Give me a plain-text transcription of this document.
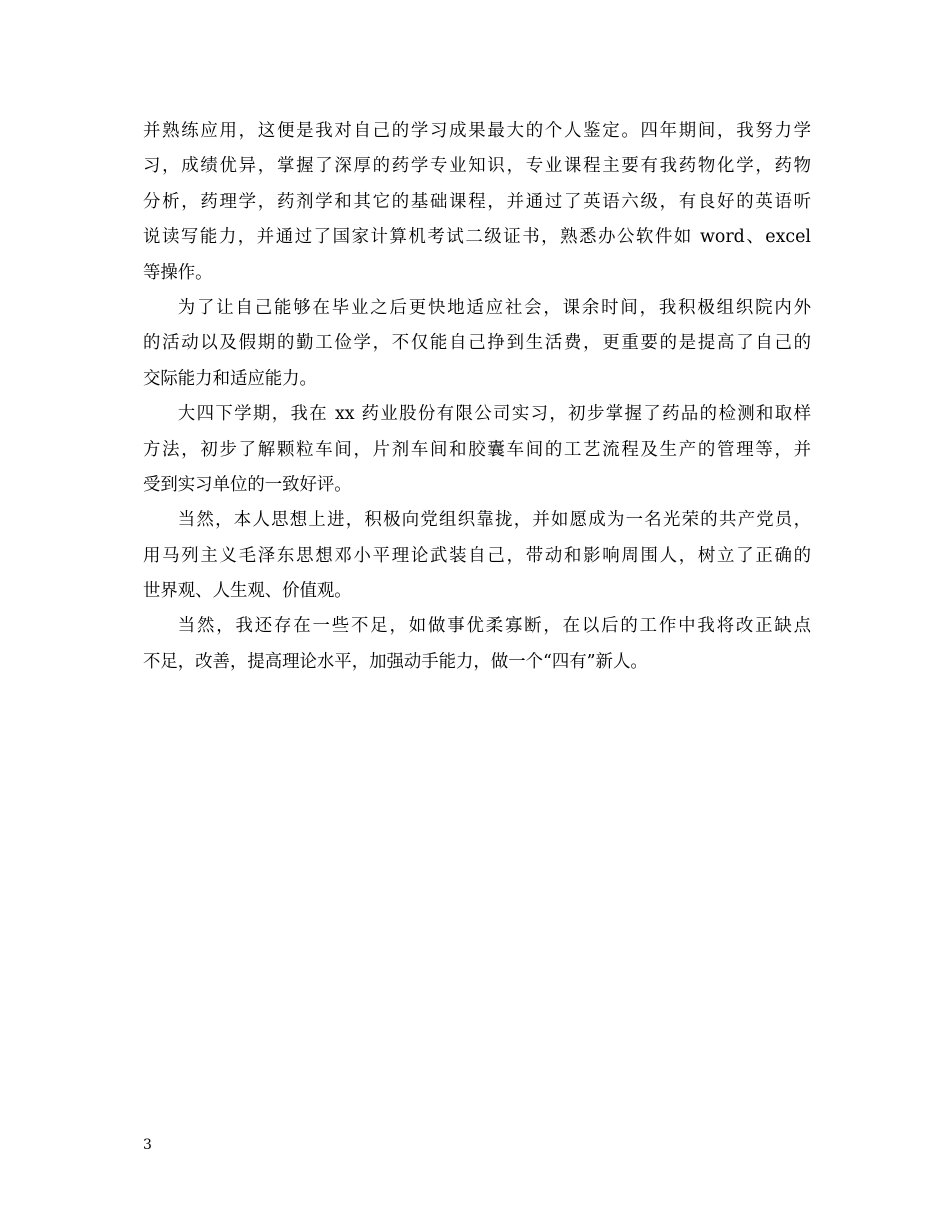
并熟练应用，这便是我对自己的学习成果最大的个人鉴定。四年期间，我努力学
习，成绩优异，掌握了深厚的药学专业知识，专业课程主要有我药物化学，药物
分析，药理学，药剂学和其它的基础课程，并通过了英语六级，有良好的英语听
说读写能力，并通过了国家计算机考试二级证书，熟悉办公软件如 word、excel
等操作。

为了让自己能够在毕业之后更快地适应社会，课余时间，我积极组织院内外
的活动以及假期的勤工俭学，不仅能自己挣到生活费，更重要的是提高了自己的
交际能力和适应能力。

大四下学期，我在 xx 药业股份有限公司实习，初步掌握了药品的检测和取样
方法，初步了解颗粒车间，片剂车间和胶囊车间的工艺流程及生产的管理等，并
受到实习单位的一致好评。

当然，本人思想上进，积极向党组织靠拢，并如愿成为一名光荣的共产党员，
用马列主义毛泽东思想邓小平理论武装自己，带动和影响周围人，树立了正确的
世界观、人生观、价值观。

当然，我还存在一些不足，如做事优柔寡断，在以后的工作中我将改正缺点
不足，改善，提高理论水平，加强动手能力，做一个“四有”新人。

3
